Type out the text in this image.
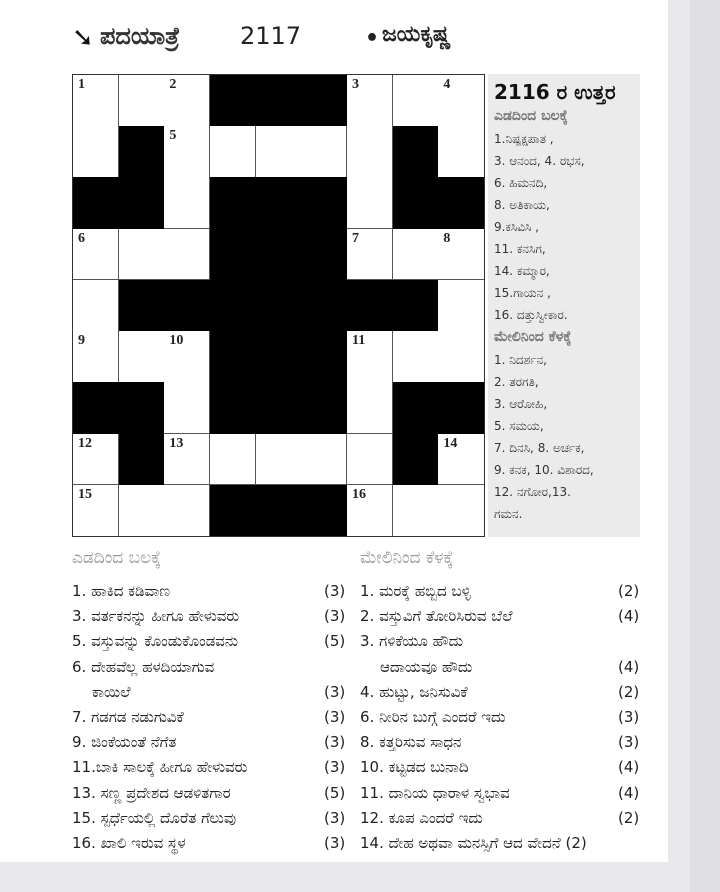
➘ ಪದಯಾತ್ರೆ	2117	• ಜಯಕೃಷ್ಣ
1	2	3	4
5
6	7	8
9	10	11
12	13	14
15	16
2116 ರ ಉತ್ತರ
ಎಡದಿಂದ ಬಲಕ್ಕೆ
ಮೇಲಿನಿಂದ ಕೆಳಕ್ಕೆ
1.ನಿಷ್ಪಕ್ಷಪಾತ ,
3. ಆನಂದ, 4. ರಭಸ,
6. ಹಿಮನದಿ,
8. ಅತಿಕಾಯ,
9.ಕಸಿವಿಸಿ ,
11. ಕನಸಿಗ,
14. ಕಮ್ಮಾರ,
15.ಗಾಯನ ,
16. ದತ್ತುಸ್ವೀಕಾರ.
1. ನಿದರ್ಶನ,
2. ತರಗತಿ,
3. ಆರೋಹಿ,
5. ಸಮಯ,
7. ದಿನಸಿ, 8. ಅರ್ಚಕ,
9. ಕನಕ, 10. ವಿಶಾರದ,
12. ನಗೋರ,13.
ಗಮನ.
ಎಡದಿಂದ ಬಲಕ್ಕೆ	ಮೇಲಿನಿಂದ ಕೆಳಕ್ಕೆ
1. ಹಾಕಿದ ಕಡಿವಾಣ	(3)
3. ವರ್ತಕನನ್ನು ಹೀಗೂ ಹೇಳುವರು	(3)
5. ವಸ್ತುವನ್ನು ಕೊಂಡುಕೊಂಡವನು	(5)
6. ದೇಹವೆಲ್ಲ ಹಳದಿಯಾಗುವ
ಕಾಯಿಲೆ	(3)
7. ಗಡಗಡ ನಡುಗುವಿಕೆ	(3)
9. ಜಿಂಕೆಯಂತೆ ನೆಗೆತ	(3)
11.ಬಾಕಿ ಸಾಲಕ್ಕೆ ಹೀಗೂ ಹೇಳುವರು	(3)
13. ಸಣ್ಣ ಪ್ರದೇಶದ ಆಡಳಿತಗಾರ	(5)
15. ಸ್ಪರ್ಧೆಯಲ್ಲಿ ದೊರೆತ ಗೆಲುವು	(3)
16. ಖಾಲಿ ಇರುವ ಸ್ಥಳ	(3)
1. ಮರಕ್ಕೆ ಹಬ್ಬಿದ ಬಳ್ಳಿ	(2)
2. ವಸ್ತುವಿಗೆ ತೋರಿಸಿರುವ ಬೆಲೆ	(4)
3. ಗಳಿಕೆಯೂ ಹೌದು
ಆದಾಯವೂ ಹೌದು	(4)
4. ಹುಟ್ಟು, ಜನಿಸುವಿಕೆ	(2)
6. ನೀರಿನ ಬುಗ್ಗೆ ಎಂದರೆ ಇದು	(3)
8. ಕತ್ತರಿಸುವ ಸಾಧನ	(3)
10. ಕಟ್ಟಡದ ಬುನಾದಿ	(4)
11. ದಾನಿಯ ಧಾರಾಳ ಸ್ವಭಾವ	(4)
12. ಕೂಪ ಎಂದರೆ ಇದು	(2)
14. ದೇಹ ಅಥವಾ ಮನಸ್ಸಿಗೆ ಆದ ವೇದನೆ (2)
